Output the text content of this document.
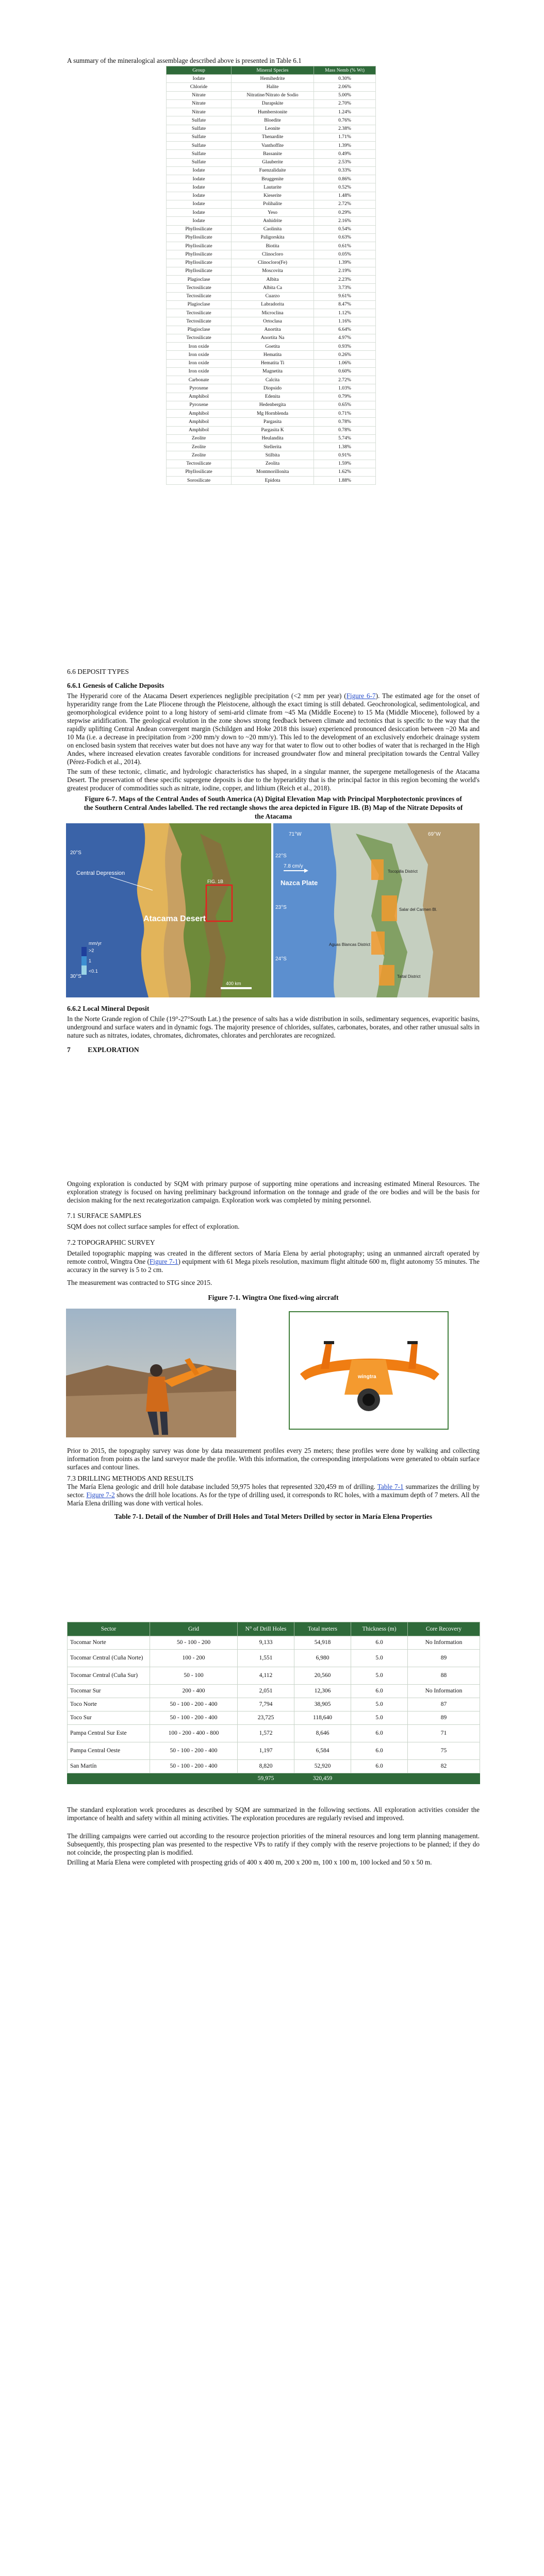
A summary of the mineralogical assemblage described above is presented in Table 6.1

Group	Mineral Species	Mass Nemb (% Wt)
Iodate	Hemihedrite	0.30%
Chloride	Halite	2.06%
Nitrate	Nitratine/Nitrato de Sodio	5.00%
Nitrate	Darapskite	2.70%
Nitrate	Humberstonite	1.24%
Sulfate	Bloedite	0.76%
Sulfate	Leonite	2.38%
Sulfate	Thenardite	1.71%
Sulfate	Vanthoffite	1.39%
Sulfate	Bassanite	0.49%
Sulfate	Glauberite	2.53%
Iodate	Fuenzalidaite	0.33%
Iodate	Bruggenite	0.86%
Iodate	Lautarite	0.52%
Iodate	Kieserite	1.48%
Iodate	Polihalite	2.72%
Iodate	Yeso	0.29%
Iodate	Anhidrite	2.16%
Phyllosilicate	Caolinita	0.54%
Phyllosilicate	Paligorskita	0.63%
Phyllosilicate	Biotita	0.61%
Phyllosilicate	Clinocloro	0.05%
Phyllosilicate	Clinocloro(Fe)	1.39%
Phyllosilicate	Moscovita	2.19%
Plagioclase	Albita	2.23%
Tectosilicate	Albita Ca	3.73%
Tectosilicate	Cuarzo	9.61%
Plagioclase	Labradorita	8.47%
Tectosilicate	Microclina	1.12%
Tectosilicate	Ortoclasa	1.16%
Plagioclase	Anortita	6.64%
Tectosilicate	Anortita Na	4.97%
Iron oxide	Goetita	0.93%
Iron oxide	Hematita	0.26%
Iron oxide	Hematita Ti	1.06%
Iron oxide	Magnetita	0.60%
Carbonate	Calcita	2.72%
Pyroxene	Diopsido	1.03%
Amphibol	Edenita	0.79%
Pyroxene	Hedenbergita	0.65%
Amphibol	Mg Hornblenda	0.71%
Amphibol	Pargasita	0.78%
Amphibol	Pargasita K	0.78%
Zeolite	Heulandita	5.74%
Zeolite	Stellerita	1.38%
Zeolite	Stilbita	0.91%
Tectosilicate	Zeolita	1.59%
Phyllosilicate	Montmorillonita	1.62%
Sorosilicate	Epidota	1.88%
6.6 DEPOSIT TYPES
6.6.1 Genesis of Caliche Deposits

The Hyperarid core of the Atacama Desert experiences negligible precipitation (<2 mm per year) (Figure 6-7). The estimated age for the onset of hyperaridity range from the Late Pliocene through the Pleistocene, although the exact timing is still debated. Geochronological, sedimentological, and geomorphological evidence point to a long history of semi-arid climate from ~45 Ma (Middle Eocene) to 15 Ma (Middle Miocene), followed by a stepwise aridification. The geological evolution in the zone shows strong feedback between climate and tectonics that is specific to the way that the rapidly uplifting Central Andean convergent margin (Schildgen and Hoke 2018 this issue) experienced pronounced desiccation between ~20 Ma and 10 Ma (i.e. a decrease in precipitation from >200 mm/y down to ~20 mm/y). This led to the development of an exclusively endorheic drainage system on enclosed basin system that receives water but does not have any way for that water to flow out to other bodies of water that is recharged in the High Andes, where increased elevation creates favorable conditions for increased groundwater flow and mineral precipitation towards the Central Valley (Pérez-Fodich et al., 2014).

The sum of these tectonic, climatic, and hydrologic characteristics has shaped, in a singular manner, the supergene metallogenesis of the Atacama Desert. The preservation of these specific supergene deposits is due to the hyperaridity that is the principal factor in this region becoming the world's greatest producer of commodities such as nitrate, iodine, copper, and lithium (Reich et al., 2018).

Figure 6-7. Maps of the Central Andes of South America (A) Digital Elevation Map with Principal Morphotectonic provinces of the Southern Central Andes labelled. The red rectangle shows the area depicted in Figure 1B. (B) Map of the Nitrate Deposits of the Atacama
FIG. 1B
Central Depression
Atacama Desert
20°S
30°S
mm/yr
>2
1
<0.1
400 km
71°W	69°W
22°S
23°S
24°S
Nazca Plate
7.8 cm/y
Tocopilla District
Salar del Carmen Bl.
Aguas Blancas District
Taltal District
6.6.2 Local Mineral Deposit

In the Norte Grande region of Chile (19°-27°South Lat.) the presence of salts has a wide distribution in soils, sedimentary sequences, evaporitic basins, underground and surface waters and in dynamic fogs. The majority presence of chlorides, sulfates, carbonates, borates, and other rather unusual salts in nature such as nitrates, iodates, chromates, dichromates, chlorates and perchlorates are recognized.

7 EXPLORATION

Ongoing exploration is conducted by SQM with primary purpose of supporting mine operations and increasing estimated Mineral Resources. The exploration strategy is focused on having preliminary background information on the tonnage and grade of the ore bodies and will be the basis for decision making for the next recategorization campaign. Exploration work was completed by mining personnel.

7.1 SURFACE SAMPLES

SQM does not collect surface samples for effect of exploration.

7.2 TOPOGRAPHIC SURVEY

Detailed topographic mapping was created in the different sectors of María Elena by aerial photography; using an unmanned aircraft operated by remote control, Wingtra One (Figure 7-1) equipment with 61 Mega pixels resolution, maximum flight altitude 600 m, flight autonomy 55 minutes. The accuracy in the survey is 5 to 2 cm.

The measurement was contracted to STG since 2015.

Figure 7-1. Wingtra One fixed-wing aircraft
wingtra

Prior to 2015, the topography survey was done by data measurement profiles every 25 meters; these profiles were done by walking and collecting information from points as the land surveyor made the profile. With this information, the corresponding interpolations were generated to obtain surface surfaces and contour lines.

7.3 DRILLING METHODS AND RESULTS

The María Elena geologic and drill hole database included 59,975 holes that represented 320,459 m of drilling. Table 7-1 summarizes the drilling by sector. Figure 7-2 shows the drill hole locations. As for the type of drilling used, it corresponds to RC holes, with a maximum depth of 7 meters. All the María Elena drilling was done with vertical holes.

Table 7-1. Detail of the Number of Drill Holes and Total Meters Drilled by sector in María Elena Properties
Sector	Grid	N° of Drill Holes	Total meters	Thickness (m)	Core Recovery
Tocomar Norte	50 - 100 - 200	9,133	54,918	6.0	No Information
Tocomar Central (Cuña Norte)	100 - 200	1,551	6,980	5.0	89
Tocomar Central (Cuña Sur)	50 - 100	4,112	20,560	5.0	88
Tocomar Sur	200 - 400	2,051	12,306	6.0	No Information
Toco Norte	50 - 100 - 200 - 400	7,794	38,905	5.0	87
Toco Sur	50 - 100 - 200 - 400	23,725	118,640	5.0	89
Pampa Central Sur Este	100 - 200 - 400 - 800	1,572	8,646	6.0	71
Pampa Central Oeste	50 - 100 - 200 - 400	1,197	6,584	6.0	75
San Martín	50 - 100 - 200 - 400	8,820	52,920	6.0	82
		59,975	320,459		

The standard exploration work procedures as described by SQM are summarized in the following sections. All exploration activities consider the importance of health and safety within all mining activities. The exploration procedures are regularly revised and improved.

The drilling campaigns were carried out according to the resource projection priorities of the mineral resources and long term planning management. Subsequently, this prospecting plan was presented to the respective VPs to ratify if they comply with the reserve projections to be planned; if they do not coincide, the prospecting plan is modified.

Drilling at María Elena were completed with prospecting grids of 400 x 400 m, 200 x 200 m, 100 x 100 m, 100 locked and 50 x 50 m.
